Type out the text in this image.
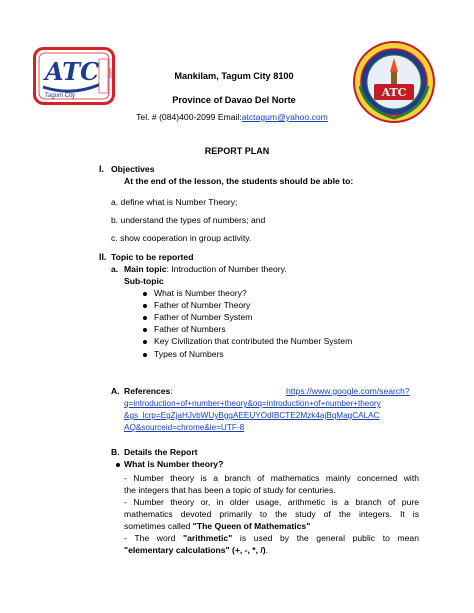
ATC
Tagum City
1995
ATC
Mankilam, Tagum City 8100
Province of Davao Del Norte
Tel. # (084)400-2099 Email:atctagum@yahoo.com
REPORT PLAN
I. Objectives
At the end of the lesson, the students should be able to:
a. define what is Number Theory;
b. understand the types of numbers; and
c. show cooperation in group activity.
II. Topic to be reported
a. Main topic: Introduction of Number theory.
Sub-topic
What is Number theory?
Father of Number Theory
Father of Number System
Father of Numbers
Key Civilization that contributed the Number System
Types of Numbers
A. References:	https://www.google.com/search?
q=introduction+of+number+theory&oq=introduction+of+number+theory
&gs_lcrp=EgZjaHJvbWUyBggAEEUYOdIBCTE2Mzk4ajBqMagCALAC
AQ&sourceid=chrome&ie=UTF-8
B. Details the Report
What is Number theory?
- Number theory is a branch of mathematics mainly concerned with
the integers that has been a topic of study for centuries.
- Number theory or, in older usage, arithmetic is a branch of pure
mathematics devoted primarily to the study of the integers. It is
sometimes called "The Queen of Mathematics"
- The word "arithmetic" is used by the general public to mean
"elementary calculations" (+, -, *, /).
